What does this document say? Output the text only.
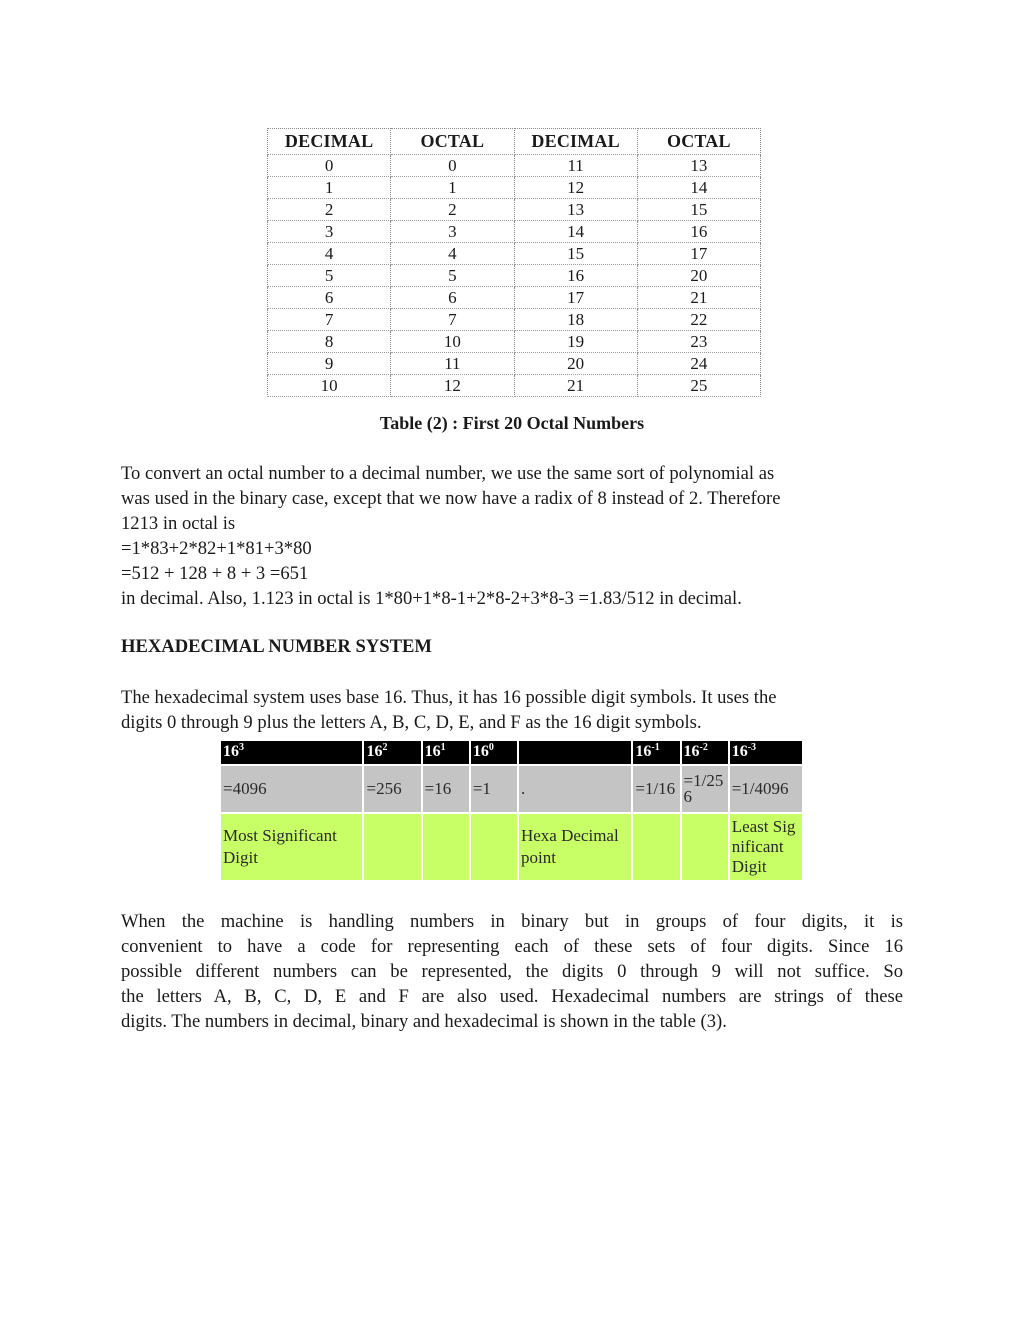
DECIMAL	OCTAL	DECIMAL	OCTAL
0	0	11	13
1	1	12	14
2	2	13	15
3	3	14	16
4	4	15	17
5	5	16	20
6	6	17	21
7	7	18	22
8	10	19	23
9	11	20	24
10	12	21	25
Table (2) : First 20 Octal Numbers

To convert an octal number to a decimal number, we use the same sort of polynomial as
was used in the binary case, except that we now have a radix of 8 instead of 2. Therefore
1213 in octal is
=1*83+2*82+1*81+3*80
=512 + 128 + 8 + 3 =651
in decimal. Also, 1.123 in octal is 1*80+1*8-1+2*8-2+3*8-3 =1.83/512 in decimal.

HEXADECIMAL NUMBER SYSTEM

The hexadecimal system uses base 16. Thus, it has 16 possible digit symbols. It uses the
digits 0 through 9 plus the letters A, B, C, D, E, and F as the 16 digit symbols.

$16^3$	$16^2$	$16^1$	$16^0$		$16^{-1}$	$16^{-2}$	$16^{-3}$
=4096	=256	=16	=1	.	=1/16	=1/256	=1/4096
Most Significant Digit				Hexa Decimal point			Least Significant Digit

When the machine is handling numbers in binary but in groups of four digits, it is
convenient to have a code for representing each of these sets of four digits. Since 16
possible different numbers can be represented, the digits 0 through 9 will not suffice. So
the letters A, B, C, D, E and F are also used. Hexadecimal numbers are strings of these
digits. The numbers in decimal, binary and hexadecimal is shown in the table (3).
